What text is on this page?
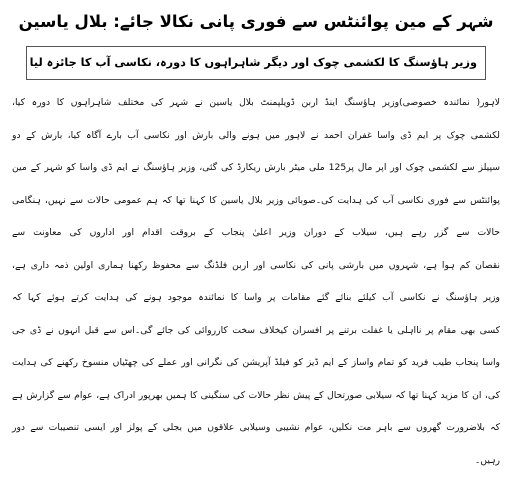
شہر کے مین پوائنٹس سے فوری پانی نکالا جائے: بلال یاسین
وزیر ہاؤسنگ کا لکشمی چوک اور دیگر شاہراہوں کا دورہ، نکاسی آب کا جائزہ لیا
لاہور( نمائندہ خصوصی)وزیر ہاؤسنگ اینڈ اربن ڈویلپمنٹ بلال یاسین نے شہر کی مختلف شاہراہوں کا دورہ کیا،
لکشمی چوک پر ایم ڈی واسا غفران احمد نے لاہور میں ہونے والی بارش اور نکاسی آب بارے آگاہ کیا، بارش کے دو
سپیلز سے لکشمی چوک اور اپر مال پر125 ملی میٹر بارش ریکارڈ کی گئی، وزیر ہاؤسنگ نے ایم ڈی واسا کو شہر کے مین
پوائنٹس سے فوری نکاسی آب کی ہدایت کی۔صوبائی وزیر بلال یاسین کا کہنا تھا کہ ہم عمومی حالات سے نہیں، ہنگامی
حالات سے گزر رہے ہیں، سیلاب کے دوران وزیر اعلیٰ پنجاب کے بروقت اقدام اور اداروں کی معاونت سے
نقصان کم ہوا ہے، شہروں میں بارشی پانی کی نکاسی اور اربن فلڈنگ سے محفوظ رکھنا ہماری اولین ذمہ داری ہے،
وزیر ہاؤسنگ نے نکاسی آب کیلئے بنائے گئے مقامات پر واسا کا نمائندہ موجود ہونے کی ہدایت کرتے ہوئے کہا کہ
کسی بھی مقام پر نااہلی یا غفلت برتنے پر افسران کیخلاف سخت کارروائی کی جائے گی۔اس سے قبل انہوں نے ڈی جی
واسا پنجاب طیب فرید کو تمام واساز کے ایم ڈیز کو فیلڈ آپریشن کی نگرانی اور عملے کی چھٹیاں منسوخ رکھنے کی ہدایت
کی، ان کا مزید کہنا تھا کہ سیلابی صورتحال کے پیش نظر حالات کی سنگینی کا ہمیں بھرپور ادراک ہے، عوام سے گزارش ہے
کہ بلاضرورت گھروں سے باہر مت نکلیں، عوام نشیبی وسیلابی علاقوں میں بجلی کے پولز اور ایسی تنصیبات سے دور
رہیں۔
